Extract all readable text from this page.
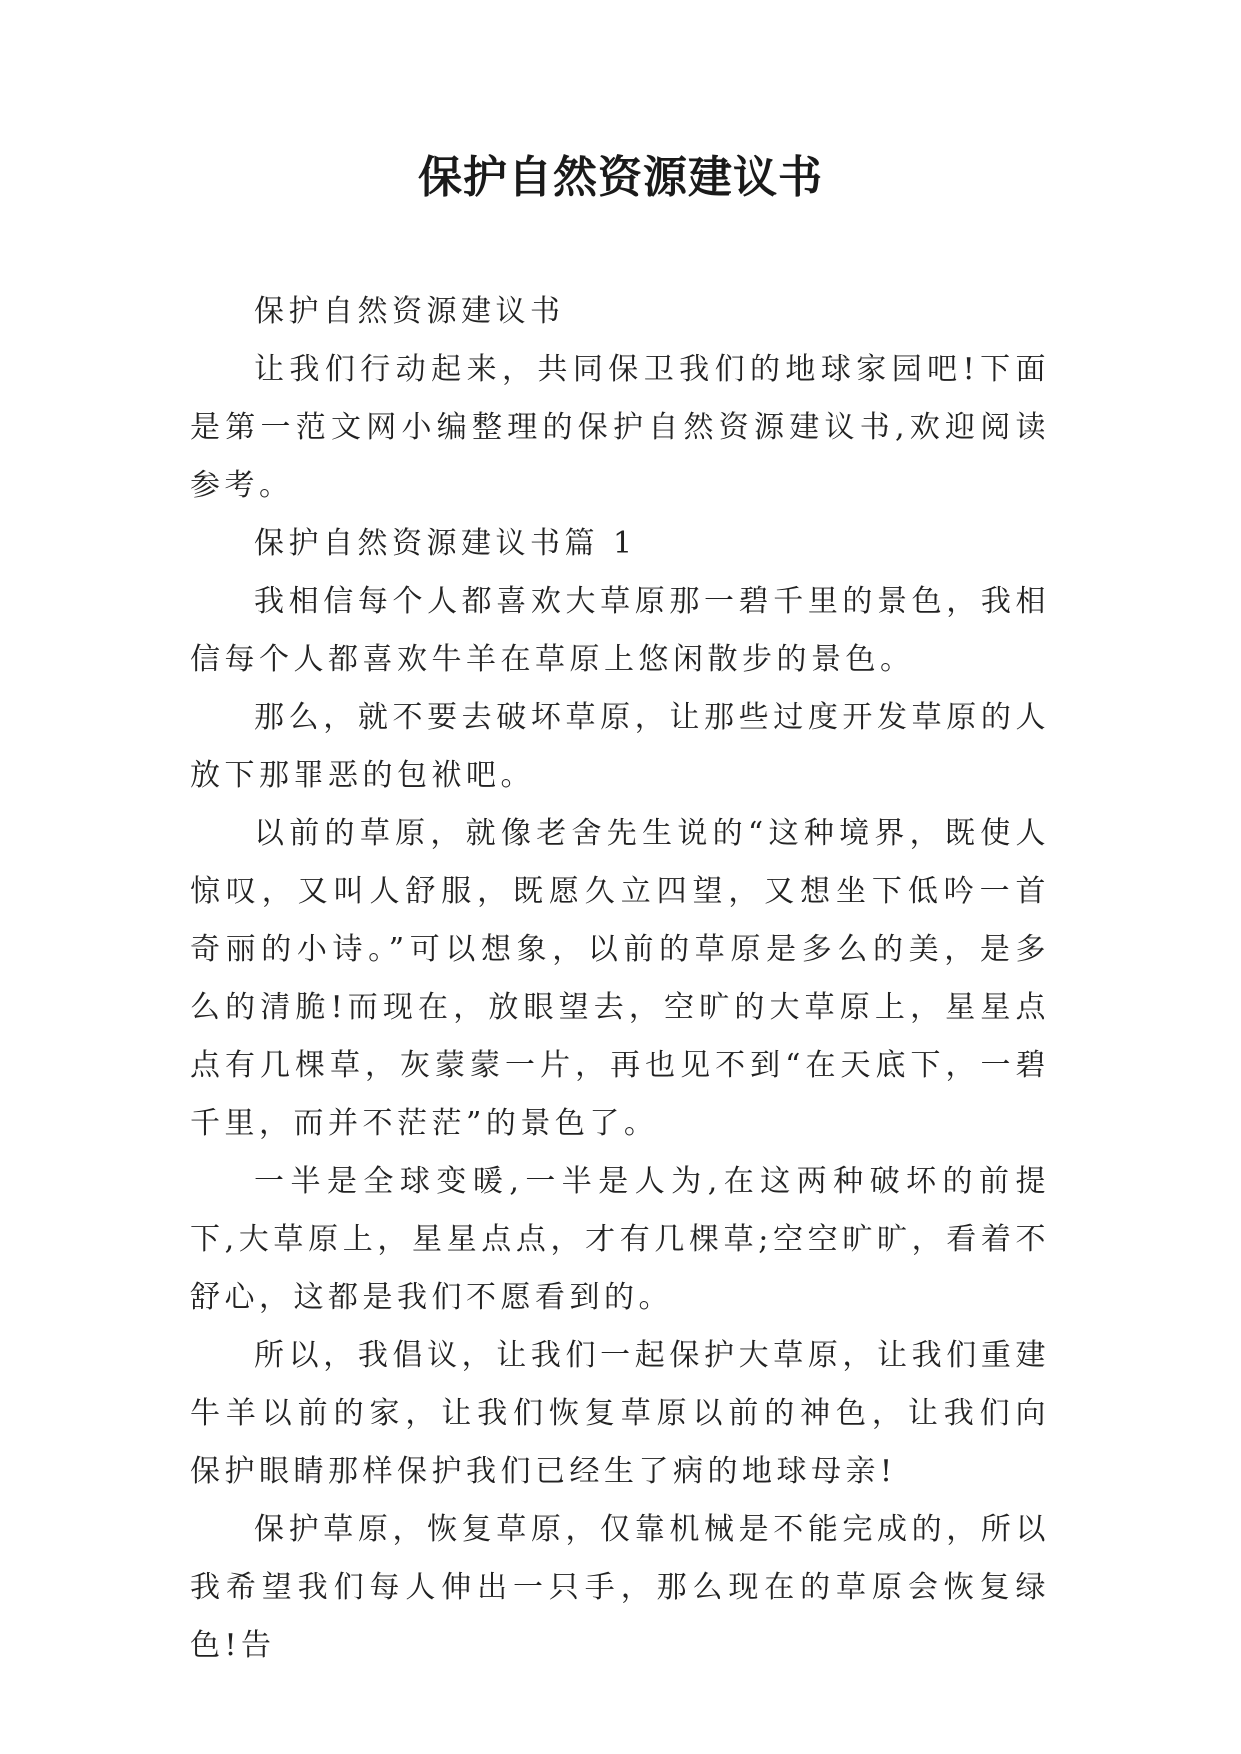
保护自然资源建议书

保护自然资源建议书

让我们行动起来，共同保卫我们的地球家园吧!下面是第一范文网小编整理的保护自然资源建议书,欢迎阅读参考。

保护自然资源建议书篇 1

我相信每个人都喜欢大草原那一碧千里的景色，我相信每个人都喜欢牛羊在草原上悠闲散步的景色。

那么，就不要去破坏草原，让那些过度开发草原的人放下那罪恶的包袱吧。

以前的草原，就像老舍先生说的“这种境界，既使人惊叹，又叫人舒服，既愿久立四望，又想坐下低吟一首奇丽的小诗。”可以想象，以前的草原是多么的美，是多么的清脆!而现在，放眼望去，空旷的大草原上，星星点点有几棵草，灰蒙蒙一片，再也见不到“在天底下，一碧千里，而并不茫茫”的景色了。

一半是全球变暖,一半是人为,在这两种破坏的前提下,大草原上，星星点点，才有几棵草;空空旷旷，看着不舒心，这都是我们不愿看到的。

所以，我倡议，让我们一起保护大草原，让我们重建牛羊以前的家，让我们恢复草原以前的神色，让我们向保护眼睛那样保护我们已经生了病的地球母亲!

保护草原，恢复草原，仅靠机械是不能完成的，所以我希望我们每人伸出一只手，那么现在的草原会恢复绿色!告
